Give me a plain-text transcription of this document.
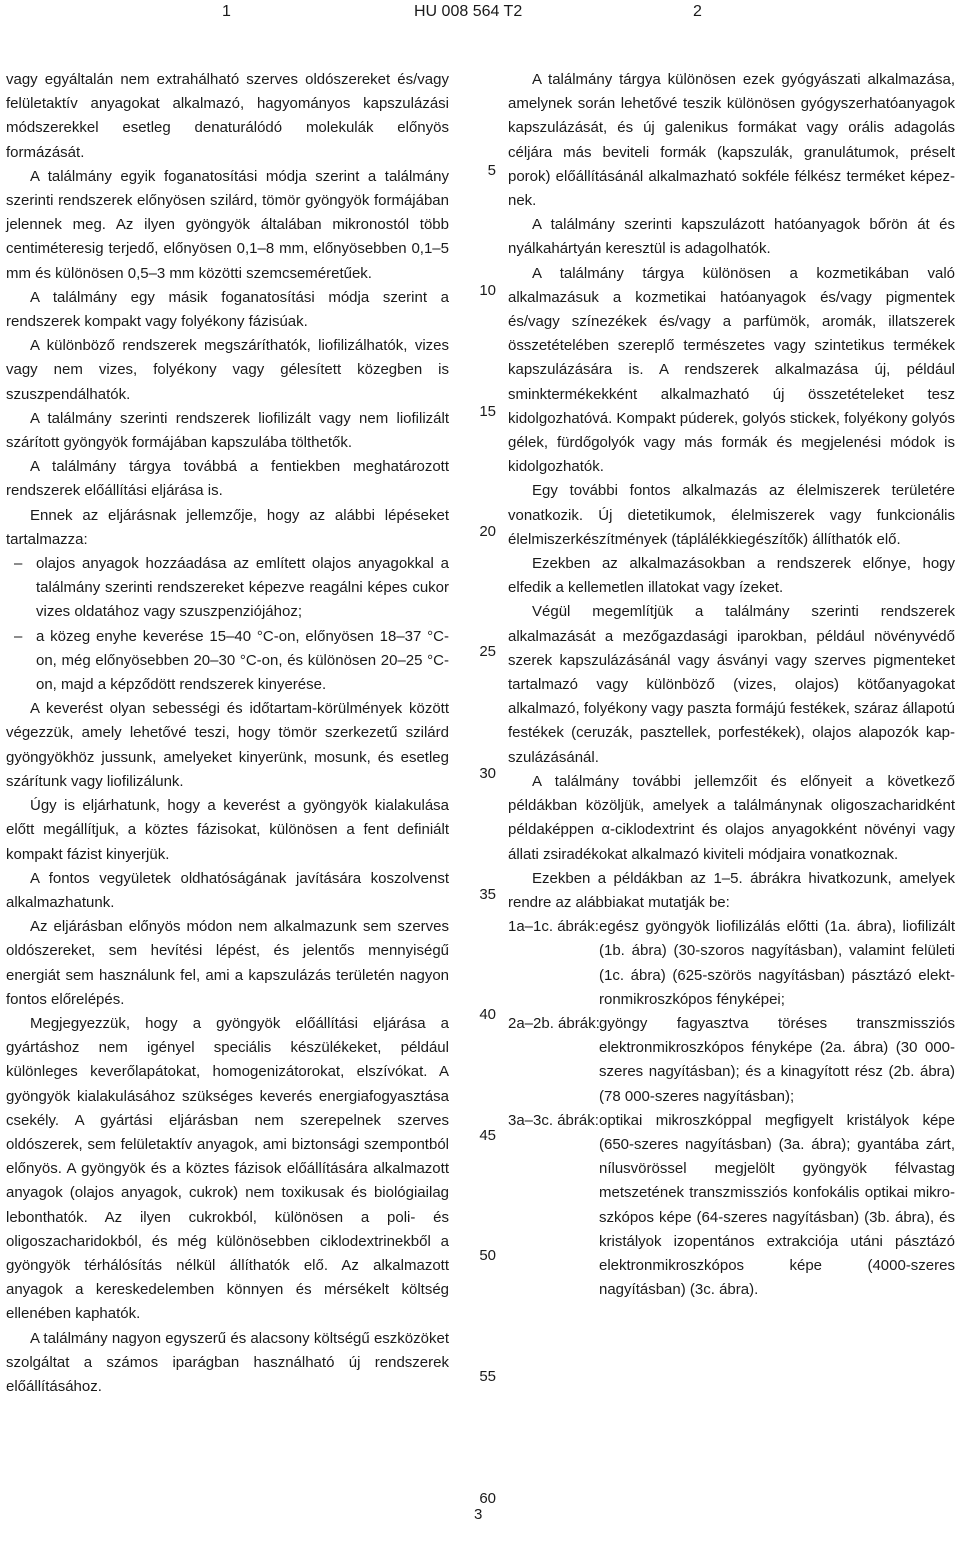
1	HU 008 564 T2	2

vagy egyáltalán nem extrahálható szerves oldószereket és/vagy felületaktív anyagokat alkalmazó, hagyományos kapszulázási módszerekkel esetleg denaturálódó molekulák előnyös formázását.

A találmány egyik foganatosítási módja szerint a találmány szerinti rendszerek előnyösen szilárd, tömör gyöngyök formájában jelennek meg. Az ilyen gyöngyök általában mikronostól több centiméteresig terjedő, előnyösen 0,1–8 mm, előnyösebben 0,1–5 mm és különösen 0,5–3 mm közötti szemcseméretűek.

A találmány egy másik foganatosítási módja szerint a rendszerek kompakt vagy folyékony fázisúak.

A különböző rendszerek megszáríthatók, liofilizálhatók, vizes vagy nem vizes, folyékony vagy gélesített közegben is szuszpendálhatók.

A találmány szerinti rendszerek liofilizált vagy nem liofilizált szárított gyöngyök formájában kapszulába tölthetők.

A találmány tárgya továbbá a fentiekben meghatározott rendszerek előállítási eljárása is.

Ennek az eljárásnak jellemzője, hogy az alábbi lépéseket tartalmazza:

– olajos anyagok hozzáadása az említett olajos anyagokkal a találmány szerinti rendszereket képezve reagálni képes cukor vizes oldatához vagy szuszpenziójához;
– a közeg enyhe keverése 15–40 °C-on, előnyösen 18–37 °C-on, még előnyösebben 20–30 °C-on, és különösen 20–25 °C-on, majd a képződött rendszerek kinyerése.

A keverést olyan sebességi és időtartam-körülmények között végezzük, amely lehetővé teszi, hogy tömör szerkezetű szilárd gyöngyökhöz jussunk, amelyeket kinyerünk, mosunk, és esetleg szárítunk vagy liofilizálunk.

Úgy is eljárhatunk, hogy a keverést a gyöngyök kialakulása előtt megállítjuk, a köztes fázisokat, különösen a fent definiált kompakt fázist kinyerjük.

A fontos vegyületek oldhatóságának javítására koszolvenst alkalmazhatunk.

Az eljárásban előnyös módon nem alkalmazunk sem szerves oldószereket, sem hevítési lépést, és jelentős mennyiségű energiát sem használunk fel, ami a kapszulázás területén nagyon fontos előrelépés.

Megjegyezzük, hogy a gyöngyök előállítási eljárása a gyártáshoz nem igényel speciális készülékeket, például különleges keverőlapátokat, homogenizátorokat, elszívókat. A gyöngyök kialakulásához szükséges keverés energiafogyasztása csekély. A gyártási eljárásban nem szerepelnek szerves oldószerek, sem felületaktív anyagok, ami biztonsági szempontból előnyös. A gyöngyök és a köztes fázisok előállítására alkalmazott anyagok (olajos anyagok, cukrok) nem toxikusak és biológiailag lebonthatók. Az ilyen cukrokból, különösen a poli- és oligoszacharidokból, és még különösebben ciklodextrinekből a gyöngyök térhálósítás nélkül állíthatók elő. Az alkalmazott anyagok a kereskedelemben könnyen és mérsékelt költség ellenében kaphatók.

A találmány nagyon egyszerű és alacsony költségű eszközöket szolgáltat a számos iparágban használható új rendszerek előállításához.

5
10
15
20
25
30
35
40
45
50
55
60

A találmány tárgya különösen ezek gyógyászati alkalmazása, amelynek során lehetővé teszik különösen gyógyszerhatóanyagok kapszulázását, és új galenikus formákat vagy orális adagolás céljára más beviteli formák (kapszulák, granulátumok, préselt porok) előállításánál alkalmazható sokféle félkész terméket képeznek.

A találmány szerinti kapszulázott hatóanyagok bőrön át és nyálkahártyán keresztül is adagolhatók.

A találmány tárgya különösen a kozmetikában való alkalmazásuk a kozmetikai hatóanyagok és/vagy pigmentek és/vagy színezékek és/vagy a parfümök, aromák, illatszerek összetételében szereplő természetes vagy szintetikus termékek kapszulázására is. A rendszerek alkalmazása új, például sminktermékekként alkalmazható új összetételeket tesz kidolgozhatóvá. Kompakt púderek, golyós stickek, folyékony golyós gélek, fürdőgolyók vagy más formák és megjelenési módok is kidolgozhatók.

Egy további fontos alkalmazás az élelmiszerek területére vonatkozik. Új dietetikumok, élelmiszerek vagy funkcionális élelmiszerkészítmények (táplálékkiegészítők) állíthatók elő.

Ezekben az alkalmazásokban a rendszerek előnye, hogy elfedik a kellemetlen illatokat vagy ízeket.

Végül megemlítjük a találmány szerinti rendszerek alkalmazását a mezőgazdasági iparokban, például növényvédő szerek kapszulázásánál vagy ásványi vagy szerves pigmenteket tartalmazó vagy különböző (vizes, olajos) kötőanyagokat alkalmazó, folyékony vagy paszta formájú festékek, száraz állapotú festékek (ceruzák, pasztellek, porfestékek), olajos alapozók kapszulázásánál.

A találmány további jellemzőit és előnyeit a következő példákban közöljük, amelyek a találmánynak oligoszacharidként példaképpen α-ciklodextrint és olajos anyagokként növényi vagy állati zsiradékokat alkalmazó kiviteli módjaira vonatkoznak.

Ezekben a példákban az 1–5. ábrákra hivatkozunk, amelyek rendre az alábbiakat mutatják be:

1a–1c. ábrák: egész gyöngyök liofilizálás előtti (1a. ábra), liofilizált (1b. ábra) (30-szoros nagyításban), valamint felületi (1c. ábra) (625-szörös nagyításban) pásztázó elektronmikroszkópos fényképei;
2a–2b. ábrák: gyöngy fagyasztva töréses transzmissziós elektronmikroszkópos fényképe (2a. ábra) (30 000-szeres nagyításban); és a kinagyított rész (2b. ábra) (78 000-szeres nagyításban);
3a–3c. ábrák: optikai mikroszkóppal megfigyelt kristályok képe (650-szeres nagyításban) (3a. ábra); gyantába zárt, nílusvörössel megjelölt gyöngyök félvastag metszetének transzmissziós konfokális optikai mikroszkópos képe (64-szeres nagyításban) (3b. ábra), és kristályok izopentános extrakciója utáni pásztázó elektronmikroszkópos képe (4000-szeres nagyításban) (3c. ábra).
3
